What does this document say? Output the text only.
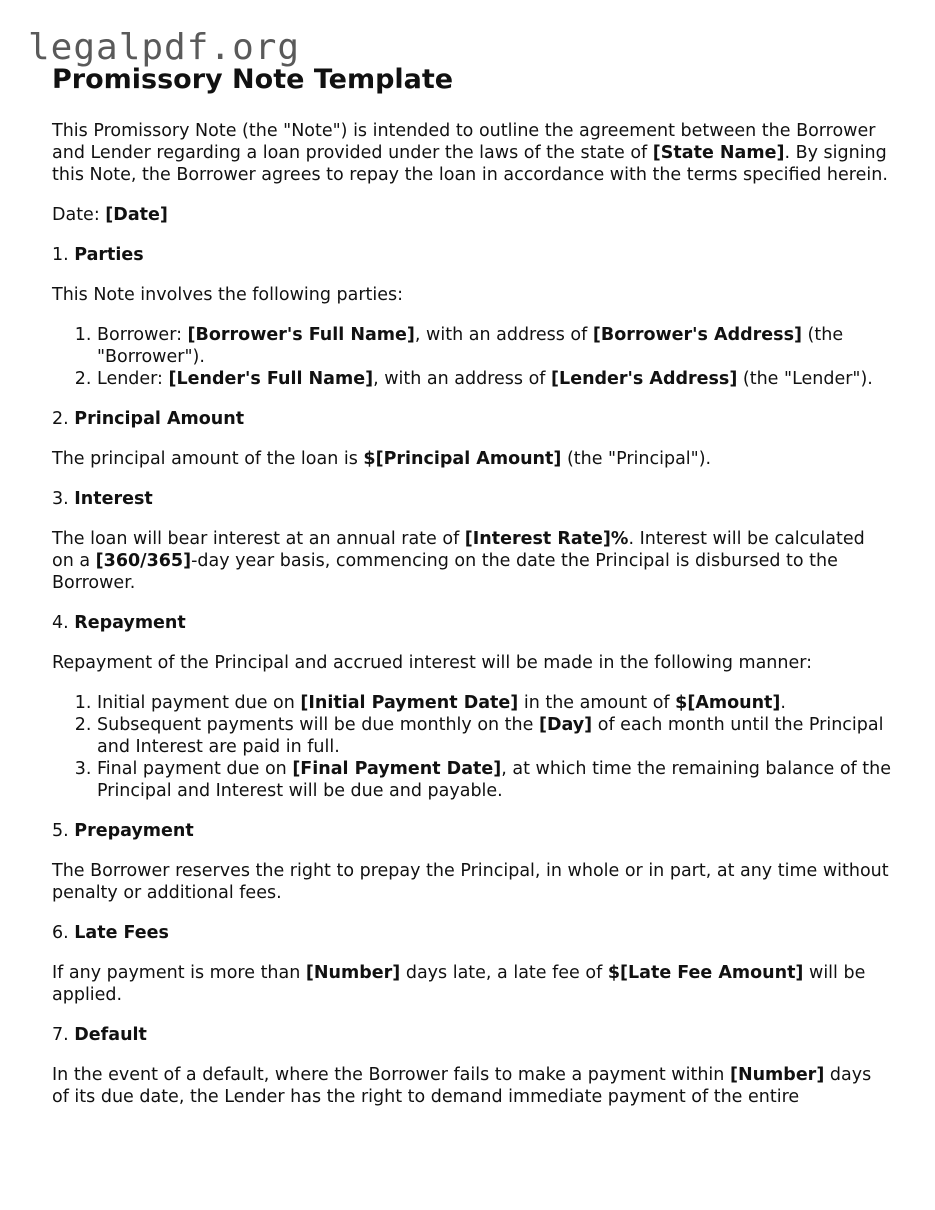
legalpdf.org
Promissory Note Template

This Promissory Note (the "Note") is intended to outline the agreement between the Borrower and Lender regarding a loan provided under the laws of the state of [State Name]. By signing this Note, the Borrower agrees to repay the loan in accordance with the terms specified herein.

Date: [Date]

1. Parties

This Note involves the following parties:

1. Borrower: [Borrower's Full Name], with an address of [Borrower's Address] (the "Borrower").
2. Lender: [Lender's Full Name], with an address of [Lender's Address] (the "Lender").

2. Principal Amount

The principal amount of the loan is $[Principal Amount] (the "Principal").

3. Interest

The loan will bear interest at an annual rate of [Interest Rate]%. Interest will be calculated on a [360/365]-day year basis, commencing on the date the Principal is disbursed to the Borrower.

4. Repayment

Repayment of the Principal and accrued interest will be made in the following manner:

1. Initial payment due on [Initial Payment Date] in the amount of $[Amount].
2. Subsequent payments will be due monthly on the [Day] of each month until the Principal and Interest are paid in full.
3. Final payment due on [Final Payment Date], at which time the remaining balance of the Principal and Interest will be due and payable.

5. Prepayment

The Borrower reserves the right to prepay the Principal, in whole or in part, at any time without penalty or additional fees.

6. Late Fees

If any payment is more than [Number] days late, a late fee of $[Late Fee Amount] will be applied.

7. Default

In the event of a default, where the Borrower fails to make a payment within [Number] days of its due date, the Lender has the right to demand immediate payment of the entire
